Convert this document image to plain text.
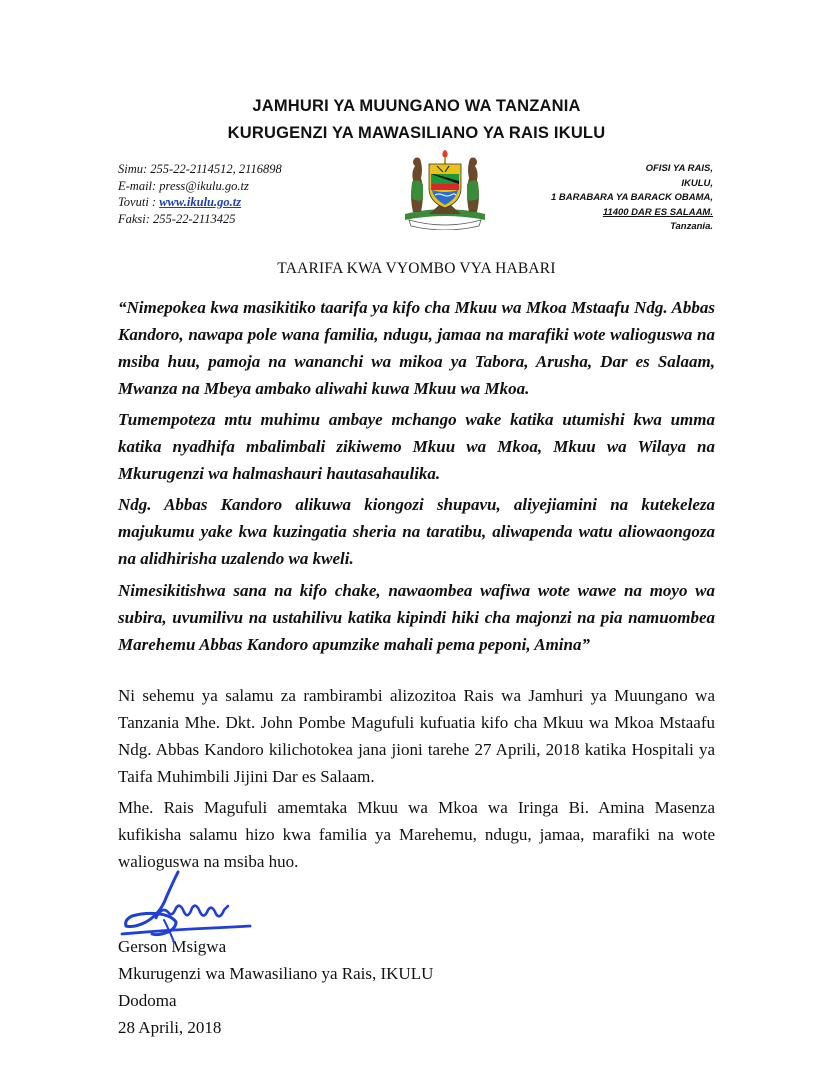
JAMHURI YA MUUNGANO WA TANZANIA
KURUGENZI YA MAWASILIANO YA RAIS IKULU
Simu: 255-22-2114512, 2116898
E-mail: press@ikulu.go.tz
Tovuti : www.ikulu.go.tz
Faksi: 255-22-2113425
OFISI YA RAIS,
IKULU,
1 BARABARA YA BARACK OBAMA,
11400 DAR ES SALAAM.
Tanzania.
TAARIFA KWA VYOMBO VYA HABARI
“Nimepokea kwa masikitiko taarifa ya kifo cha Mkuu wa Mkoa Mstaafu Ndg. Abbas Kandoro, nawapa pole wana familia, ndugu, jamaa na marafiki wote walioguswa na msiba huu, pamoja na wananchi wa mikoa ya Tabora, Arusha, Dar es Salaam, Mwanza na Mbeya ambako aliwahi kuwa Mkuu wa Mkoa.
Tumempoteza mtu muhimu ambaye mchango wake katika utumishi kwa umma katika nyadhifa mbalimbali zikiwemo Mkuu wa Mkoa, Mkuu wa Wilaya na Mkurugenzi wa halmashauri hautasahaulika.
Ndg. Abbas Kandoro alikuwa kiongozi shupavu, aliyejiamini na kutekeleza majukumu yake kwa kuzingatia sheria na taratibu, aliwapenda watu aliowaongoza na alidhirisha uzalendo wa kweli.
Nimesikitishwa sana na kifo chake, nawaombea wafiwa wote wawe na moyo wa subira, uvumilivu na ustahilivu katika kipindi hiki cha majonzi na pia namuombea Marehemu Abbas Kandoro apumzike mahali pema peponi, Amina”
Ni sehemu ya salamu za rambirambi alizozitoa Rais wa Jamhuri ya Muungano wa Tanzania Mhe. Dkt. John Pombe Magufuli kufuatia kifo cha Mkuu wa Mkoa Mstaafu Ndg. Abbas Kandoro kilichotokea jana jioni tarehe 27 Aprili, 2018 katika Hospitali ya Taifa Muhimbili Jijini Dar es Salaam.
Mhe. Rais Magufuli amemtaka Mkuu wa Mkoa wa Iringa Bi. Amina Masenza kufikisha salamu hizo kwa familia ya Marehemu, ndugu, jamaa, marafiki na wote walioguswa na msiba huo.
Gerson Msigwa
Mkurugenzi wa Mawasiliano ya Rais, IKULU
Dodoma
28 Aprili, 2018
